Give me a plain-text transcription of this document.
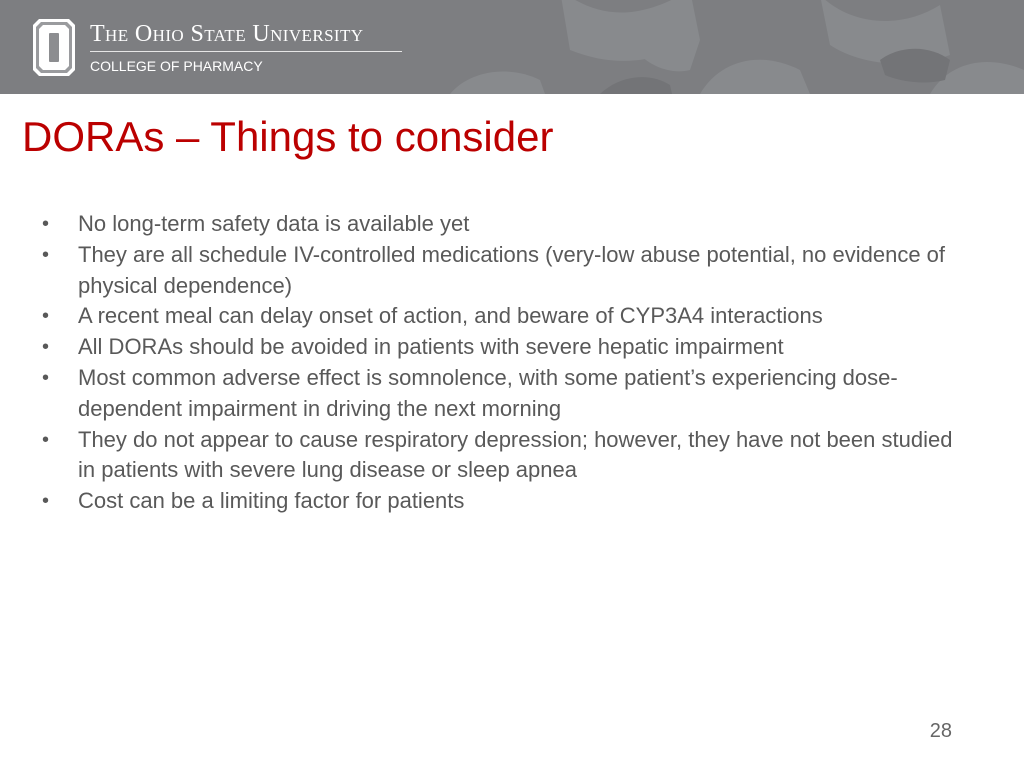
The Ohio State University
COLLEGE OF PHARMACY
DORAs – Things to consider
• No long-term safety data is available yet
• They are all schedule IV-controlled medications (very-low abuse potential, no evidence of physical dependence)
• A recent meal can delay onset of action, and beware of CYP3A4 interactions
• All DORAs should be avoided in patients with severe hepatic impairment
• Most common adverse effect is somnolence, with some patient’s experiencing dose-dependent impairment in driving the next morning
• They do not appear to cause respiratory depression; however, they have not been studied in patients with severe lung disease or sleep apnea
• Cost can be a limiting factor for patients
28
